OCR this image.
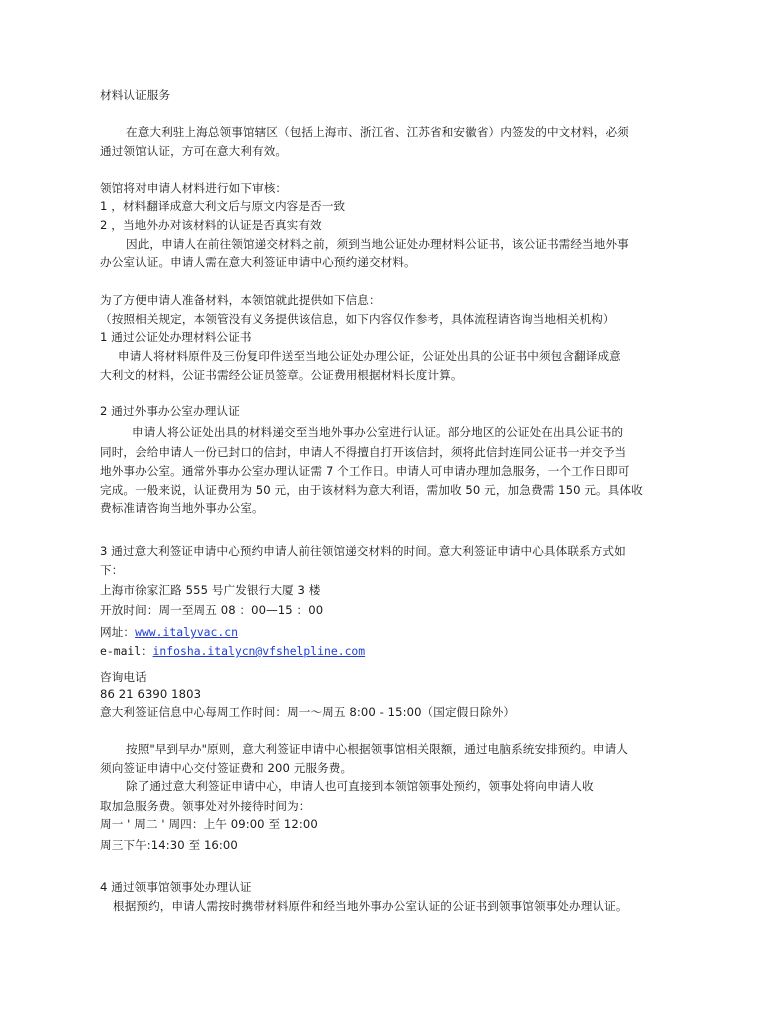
材料认证服务
在意大利驻上海总领事馆辖区（包括上海市、浙江省、江苏省和安徽省）内签发的中文材料，必须
通过领馆认证，方可在意大利有效。
领馆将对申请人材料进行如下审核：
1 ，材料翻译成意大利文后与原文内容是否一致
2 ，当地外办对该材料的认证是否真实有效
因此，申请人在前往领馆递交材料之前，须到当地公证处办理材料公证书，该公证书需经当地外事
办公室认证。申请人需在意大利签证申请中心预约递交材料。
为了方便申请人准备材料，本领馆就此提供如下信息：
（按照相关规定，本领管没有义务提供该信息，如下内容仅作参考，具体流程请咨询当地相关机构）
1 通过公证处办理材料公证书
申请人将材料原件及三份复印件送至当地公证处办理公证，公证处出具的公证书中须包含翻译成意
大利文的材料，公证书需经公证员签章。公证费用根据材料长度计算。
2 通过外事办公室办理认证
申请人将公证处出具的材料递交至当地外事办公室进行认证。部分地区的公证处在出具公证书的
同时，会给申请人一份已封口的信封，申请人不得擅自打开该信封，须将此信封连同公证书一并交予当
地外事办公室。通常外事办公室办理认证需 7 个工作日。申请人可申请办理加急服务，一个工作日即可
完成。一般来说，认证费用为 50 元，由于该材料为意大利语，需加收 50 元，加急费需 150 元。具体收
费标准请咨询当地外事办公室。
3 通过意大利签证申请中心预约申请人前往领馆递交材料的时间。意大利签证申请中心具体联系方式如
下：
上海市徐家汇路 555 号广发银行大厦 3 楼
开放时间：周一至周五 08 ：00—15 ：00
网址：www.italyvac.cn
e-mail：infosha.italycn@vfshelpline.com
咨询电话
86 21 6390 1803
意大利签证信息中心每周工作时间：周一～周五 8:00 - 15:00（国定假日除外）
按照"早到早办"原则，意大利签证申请中心根据领事馆相关限额，通过电脑系统安排预约。申请人
须向签证申请中心交付签证费和 200 元服务费。
除了通过意大利签证申请中心，申请人也可直接到本领馆领事处预约，领事处将向申请人收
取加急服务费。领事处对外接待时间为：
周一 ' 周二 ' 周四：上午 09:00 至 12:00
周三下午:14:30 至 16:00
4 通过领事馆领事处办理认证
根据预约，申请人需按时携带材料原件和经当地外事办公室认证的公证书到领事馆领事处办理认证。
